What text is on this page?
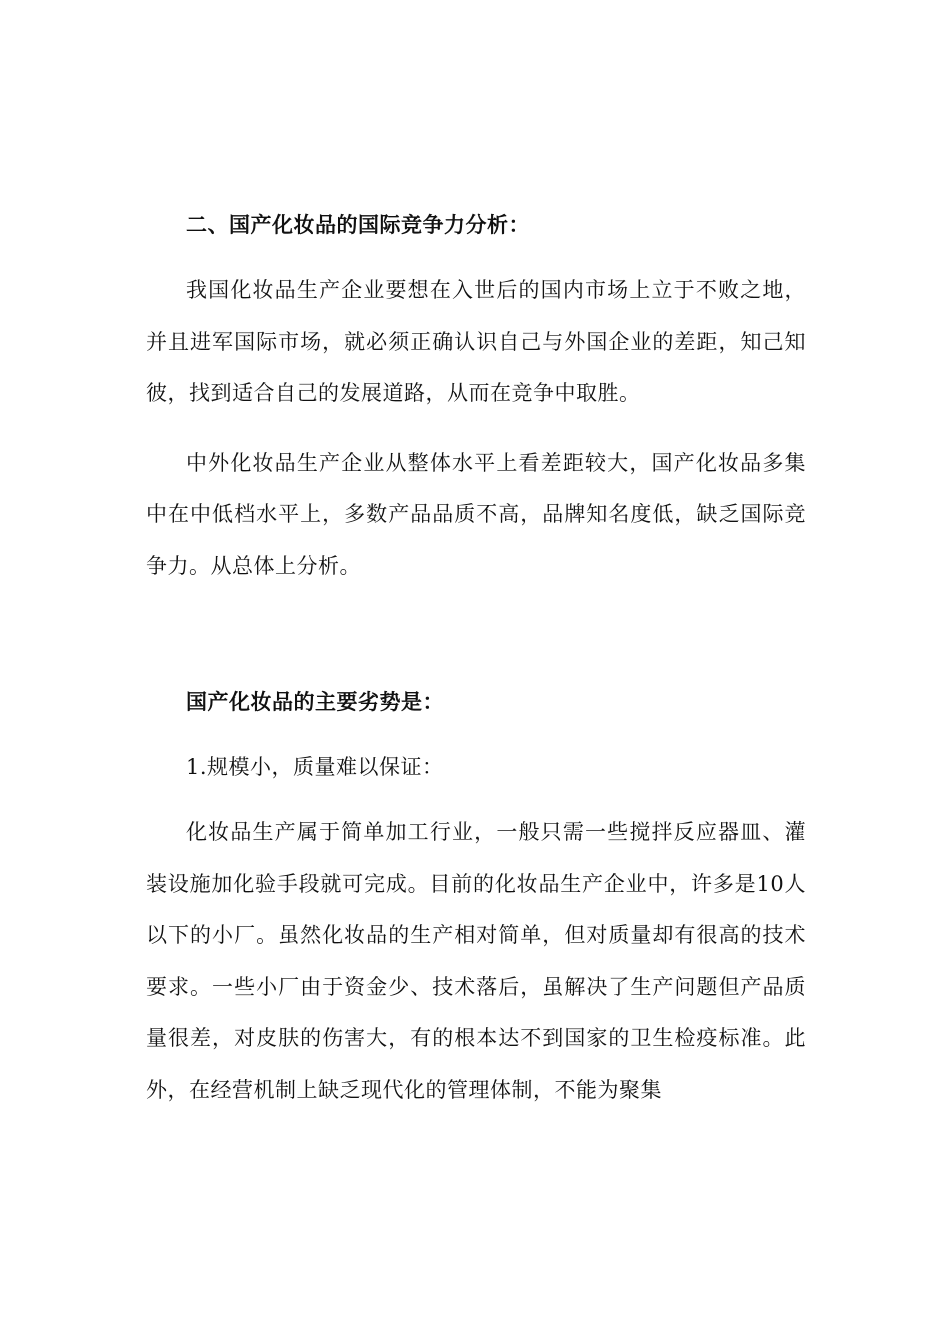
二、国产化妆品的国际竞争力分析：

我国化妆品生产企业要想在入世后的国内市场上立于不败之地，并且进军国际市场，就必须正确认识自己与外国企业的差距，知己知彼，找到适合自己的发展道路，从而在竞争中取胜。

中外化妆品生产企业从整体水平上看差距较大，国产化妆品多集中在中低档水平上，多数产品品质不高，品牌知名度低，缺乏国际竞争力。从总体上分析。

国产化妆品的主要劣势是：

1.规模小，质量难以保证：

化妆品生产属于简单加工行业，一般只需一些搅拌反应器皿、灌装设施加化验手段就可完成。目前的化妆品生产企业中，许多是10人以下的小厂。虽然化妆品的生产相对简单，但对质量却有很高的技术要求。一些小厂由于资金少、技术落后，虽解决了生产问题但产品质量很差，对皮肤的伤害大，有的根本达不到国家的卫生检疫标准。此外，在经营机制上缺乏现代化的管理体制，不能为聚集
